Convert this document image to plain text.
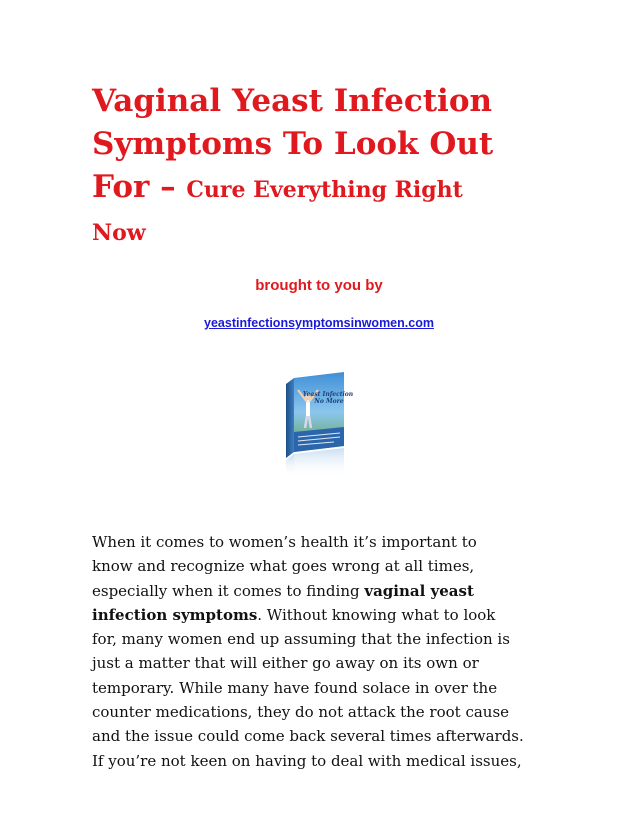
Vaginal Yeast Infection
Symptoms To Look Out
For – Cure Everything Right
Now

brought to you by

yeastinfectionsymptomsinwomen.com

Yeast Infection
No More

When it comes to women’s health it’s important to
know and recognize what goes wrong at all times,
especially when it comes to finding vaginal yeast
infection symptoms. Without knowing what to look
for, many women end up assuming that the infection is
just a matter that will either go away on its own or
temporary. While many have found solace in over the
counter medications, they do not attack the root cause
and the issue could come back several times afterwards.
If you’re not keen on having to deal with medical issues,
